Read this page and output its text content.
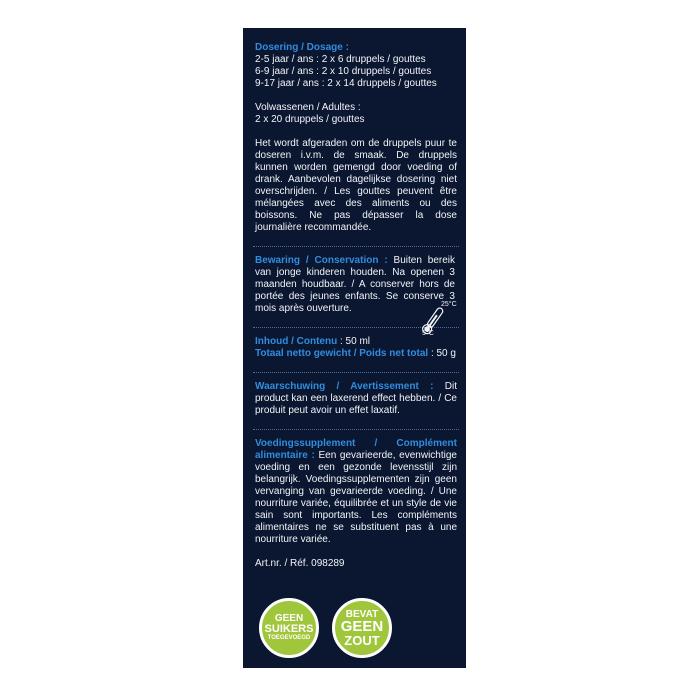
Dosering / Dosage :
2-5 jaar / ans : 2 x 6 druppels / gouttes
6-9 jaar / ans : 2 x 10 druppels / gouttes
9-17 jaar / ans : 2 x 14 druppels / gouttes
Volwassenen / Adultes :
2 x 20 druppels / gouttes
Het wordt afgeraden om de druppels puur te doseren i.v.m. de smaak. De druppels kunnen worden gemengd door voeding of drank. Aanbevolen dagelijkse dosering niet overschrijden. / Les gouttes peuvent être mélangées avec des aliments ou des boissons. Ne pas dépasser la dose journalière recommandée.
Bewaring / Conservation : Buiten bereik van jonge kinderen houden. Na openen 3 maanden houdbaar. / A conserver hors de portée des jeunes enfants. Se conserve 3 mois après ouverture.	25°C
5°C
Inhoud / Contenu : 50 ml
Totaal netto gewicht / Poids net total : 50 g
Waarschuwing / Avertissement : Dit product kan een laxerend effect hebben. / Ce produit peut avoir un effet laxatif.
Voedingssupplement / Complément alimentaire : Een gevarieerde, evenwichtige voeding en een gezonde levensstijl zijn belangrijk. Voedingssupplementen zijn geen vervanging van gevarieerde voeding. / Une nourriture variée, équilibrée et un style de vie sain sont importants. Les compléments alimentaires ne se substituent pas à une nourriture variée.
Art.nr. / Réf. 098289
GEEN
SUIKERS
TOEGEVOEGD
BEVAT
GEEN
ZOUT
